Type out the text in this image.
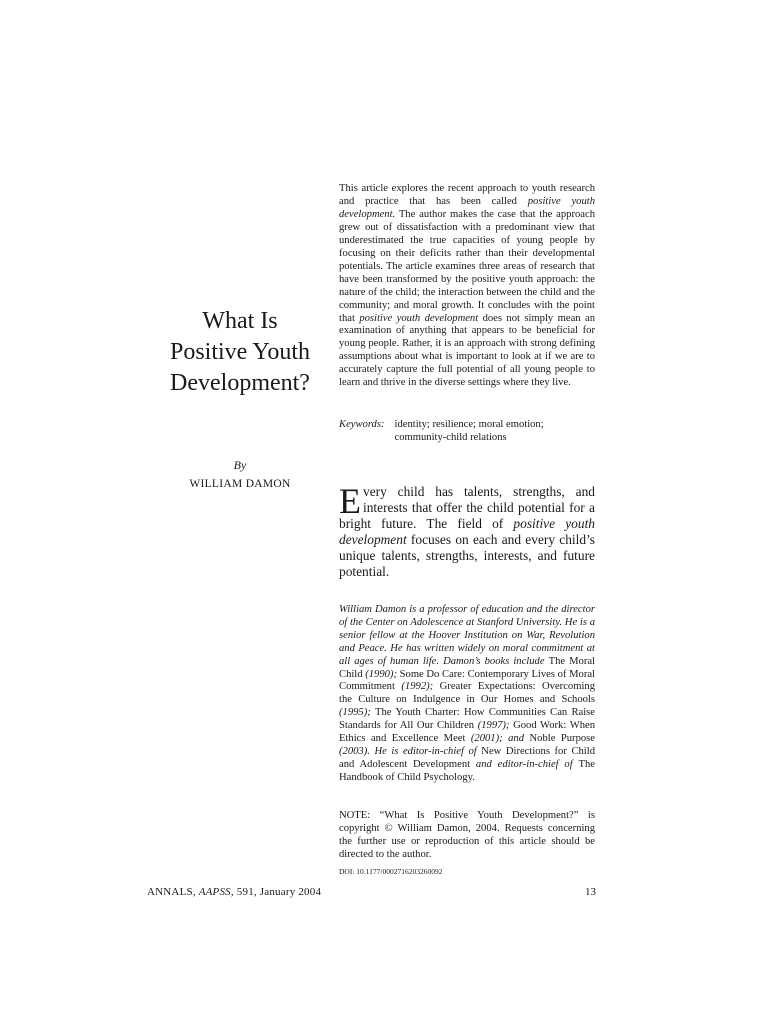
What Is
Positive Youth
Development?
By
WILLIAM DAMON
This article explores the recent approach to youth research and practice that has been called positive youth development. The author makes the case that the approach grew out of dissatisfaction with a predominant view that underestimated the true capacities of young people by focusing on their deficits rather than their developmental potentials. The article examines three areas of research that have been transformed by the positive youth approach: the nature of the child; the interaction between the child and the community; and moral growth. It concludes with the point that positive youth development does not simply mean an examination of anything that appears to be beneficial for young people. Rather, it is an approach with strong defining assumptions about what is important to look at if we are to accurately capture the full potential of all young people to learn and thrive in the diverse settings where they live.
Keywords: identity; resilience; moral emotion; community-child relations
Every child has talents, strengths, and interests that offer the child potential for a bright future. The field of positive youth development focuses on each and every child’s unique talents, strengths, interests, and future potential.
William Damon is a professor of education and the director of the Center on Adolescence at Stanford University. He is a senior fellow at the Hoover Institution on War, Revolution and Peace. He has written widely on moral commitment at all ages of human life. Damon’s books include The Moral Child (1990); Some Do Care: Contemporary Lives of Moral Commitment (1992); Greater Expectations: Overcoming the Culture on Indulgence in Our Homes and Schools (1995); The Youth Charter: How Communities Can Raise Standards for All Our Children (1997); Good Work: When Ethics and Excellence Meet (2001); and Noble Purpose (2003). He is editor-in-chief of New Directions for Child and Adolescent Development and editor-in-chief of The Handbook of Child Psychology.
NOTE: “What Is Positive Youth Development?” is copyright © William Damon, 2004. Requests concerning the further use or reproduction of this article should be directed to the author.
DOI: 10.1177/0002716203260092
ANNALS, AAPSS, 591, January 2004	13
